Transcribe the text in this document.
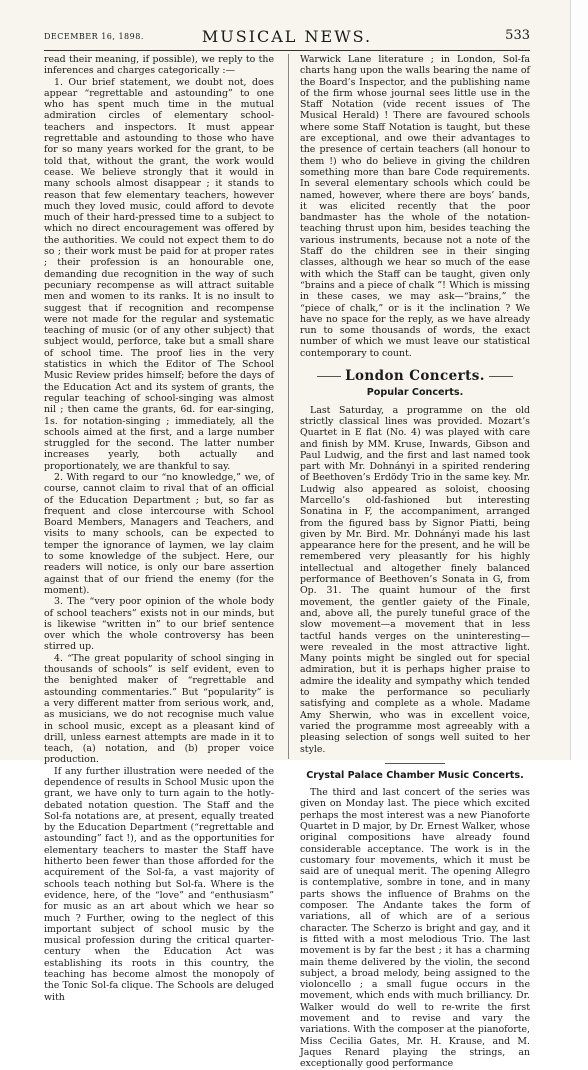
DECEMBER 16, 1898.	MUSICAL NEWS.	533

read their meaning, if possible), we reply to the inferences and charges categorically :—

1. Our brief statement, we doubt not, does appear “regrettable and astounding” to one who has spent much time in the mutual admiration circles of elementary school-teachers and inspectors. It must appear regrettable and astounding to those who have for so many years worked for the grant, to be told that, without the grant, the work would cease. We believe strongly that it would in many schools almost disappear ; it stands to reason that few elementary teachers, however much they loved music, could afford to devote much of their hard-pressed time to a subject to which no direct encouragement was offered by the authorities. We could not expect them to do so ; their work must be paid for at proper rates ; their profession is an honourable one, demanding due recognition in the way of such pecuniary recompense as will attract suitable men and women to its ranks. It is no insult to suggest that if recognition and recompense were not made for the regular and systematic teaching of music (or of any other subject) that subject would, perforce, take but a small share of school time. The proof lies in the very statistics in which the Editor of The School Music Review prides himself; before the days of the Education Act and its system of grants, the regular teaching of school-singing was almost nil ; then came the grants, 6d. for ear-singing, 1s. for notation-singing ; immediately, all the schools aimed at the first, and a large number struggled for the second. The latter number increases yearly, both actually and proportionately, we are thankful to say.

2. With regard to our “no knowledge,” we, of course, cannot claim to rival that of an official of the Education Department ; but, so far as frequent and close intercourse with School Board Members, Managers and Teachers, and visits to many schools, can be expected to temper the ignorance of laymen, we lay claim to some knowledge of the subject. Here, our readers will notice, is only our bare assertion against that of our friend the enemy (for the moment).

3. The “very poor opinion of the whole body of school teachers” exists not in our minds, but is likewise “written in” to our brief sentence over which the whole controversy has been stirred up.

4. “The great popularity of school singing in thousands of schools” is self evident, even to the benighted maker of “regrettable and astounding commentaries.” But “popularity” is a very different matter from serious work, and, as musicians, we do not recognise much value in school music, except as a pleasant kind of drill, unless earnest attempts are made in it to teach, (a) notation, and (b) proper voice production.

If any further illustration were needed of the dependence of results in School Music upon the grant, we have only to turn again to the hotly-debated notation question. The Staff and the Sol-fa notations are, at present, equally treated by the Education Department (“regrettable and astounding” fact !), and as the opportunities for elementary teachers to master the Staff have hitherto been fewer than those afforded for the acquirement of the Sol-fa, a vast majority of schools teach nothing but Sol-fa. Where is the evidence, here, of the “love” and “enthusiasm” for music as an art about which we hear so much ? Further, owing to the neglect of this important subject of school music by the musical profession during the critical quarter-century when the Education Act was establishing its roots in this country, the teaching has become almost the monopoly of the Tonic Sol-fa clique. The Schools are deluged with

Warwick Lane literature ; in London, Sol-fa charts hang upon the walls bearing the name of the Board’s Inspector, and the publishing name of the firm whose journal sees little use in the Staff Notation (vide recent issues of The Musical Herald) ! There are favoured schools where some Staff Notation is taught, but these are exceptional, and owe their advantages to the presence of certain teachers (all honour to them !) who do believe in giving the children something more than bare Code requirements. In several elementary schools which could be named, however, where there are boys’ bands, it was elicited recently that the poor bandmaster has the whole of the notation-teaching thrust upon him, besides teaching the various instruments, because not a note of the Staff do the children see in their singing classes, although we hear so much of the ease with which the Staff can be taught, given only “brains and a piece of chalk ”! Which is missing in these cases, we may ask—“brains,” the “piece of chalk,” or is it the inclination ? We have no space for the reply, as we have already run to some thousands of words, the exact number of which we must leave our statistical contemporary to count.

London Concerts.
Popular Concerts.

Last Saturday, a programme on the old strictly classical lines was provided. Mozart’s Quartet in E flat (No. 4) was played with care and finish by MM. Kruse, Inwards, Gibson and Paul Ludwig, and the first and last named took part with Mr. Dohnányi in a spirited rendering of Beethoven’s Erdödy Trio in the same key. Mr. Ludwig also appeared as soloist, choosing Marcello’s old-fashioned but interesting Sonatina in F, the accompaniment, arranged from the figured bass by Signor Piatti, being given by Mr. Bird. Mr. Dohnányi made his last appearance here for the present, and he will be remembered very pleasantly for his highly intellectual and altogether finely balanced performance of Beethoven’s Sonata in G, from Op. 31. The quaint humour of the first movement, the gentler gaiety of the Finale, and, above all, the purely tuneful grace of the slow movement—a movement that in less tactful hands verges on the uninteresting—were revealed in the most attractive light. Many points might be singled out for special admiration, but it is perhaps higher praise to admire the ideality and sympathy which tended to make the performance so peculiarly satisfying and complete as a whole. Madame Amy Sherwin, who was in excellent voice, varied the programme most agreeably with a pleasing selection of songs well suited to her style.

Crystal Palace Chamber Music Concerts.

The third and last concert of the series was given on Monday last. The piece which excited perhaps the most interest was a new Pianoforte Quartet in D major, by Dr. Ernest Walker, whose original compositions have already found considerable acceptance. The work is in the customary four movements, which it must be said are of unequal merit. The opening Allegro is contemplative, sombre in tone, and in many parts shows the influence of Brahms on the composer. The Andante takes the form of variations, all of which are of a serious character. The Scherzo is bright and gay, and it is fitted with a most melodious Trio. The last movement is by far the best ; it has a charming main theme delivered by the violin, the second subject, a broad melody, being assigned to the violoncello ; a small fugue occurs in the movement, which ends with much brilliancy. Dr. Walker would do well to re-write the first movement and to revise and vary the variations. With the composer at the pianoforte, Miss Cecilia Gates, Mr. H. Krause, and M. Jaques Renard playing the strings, an exceptionally good performance
